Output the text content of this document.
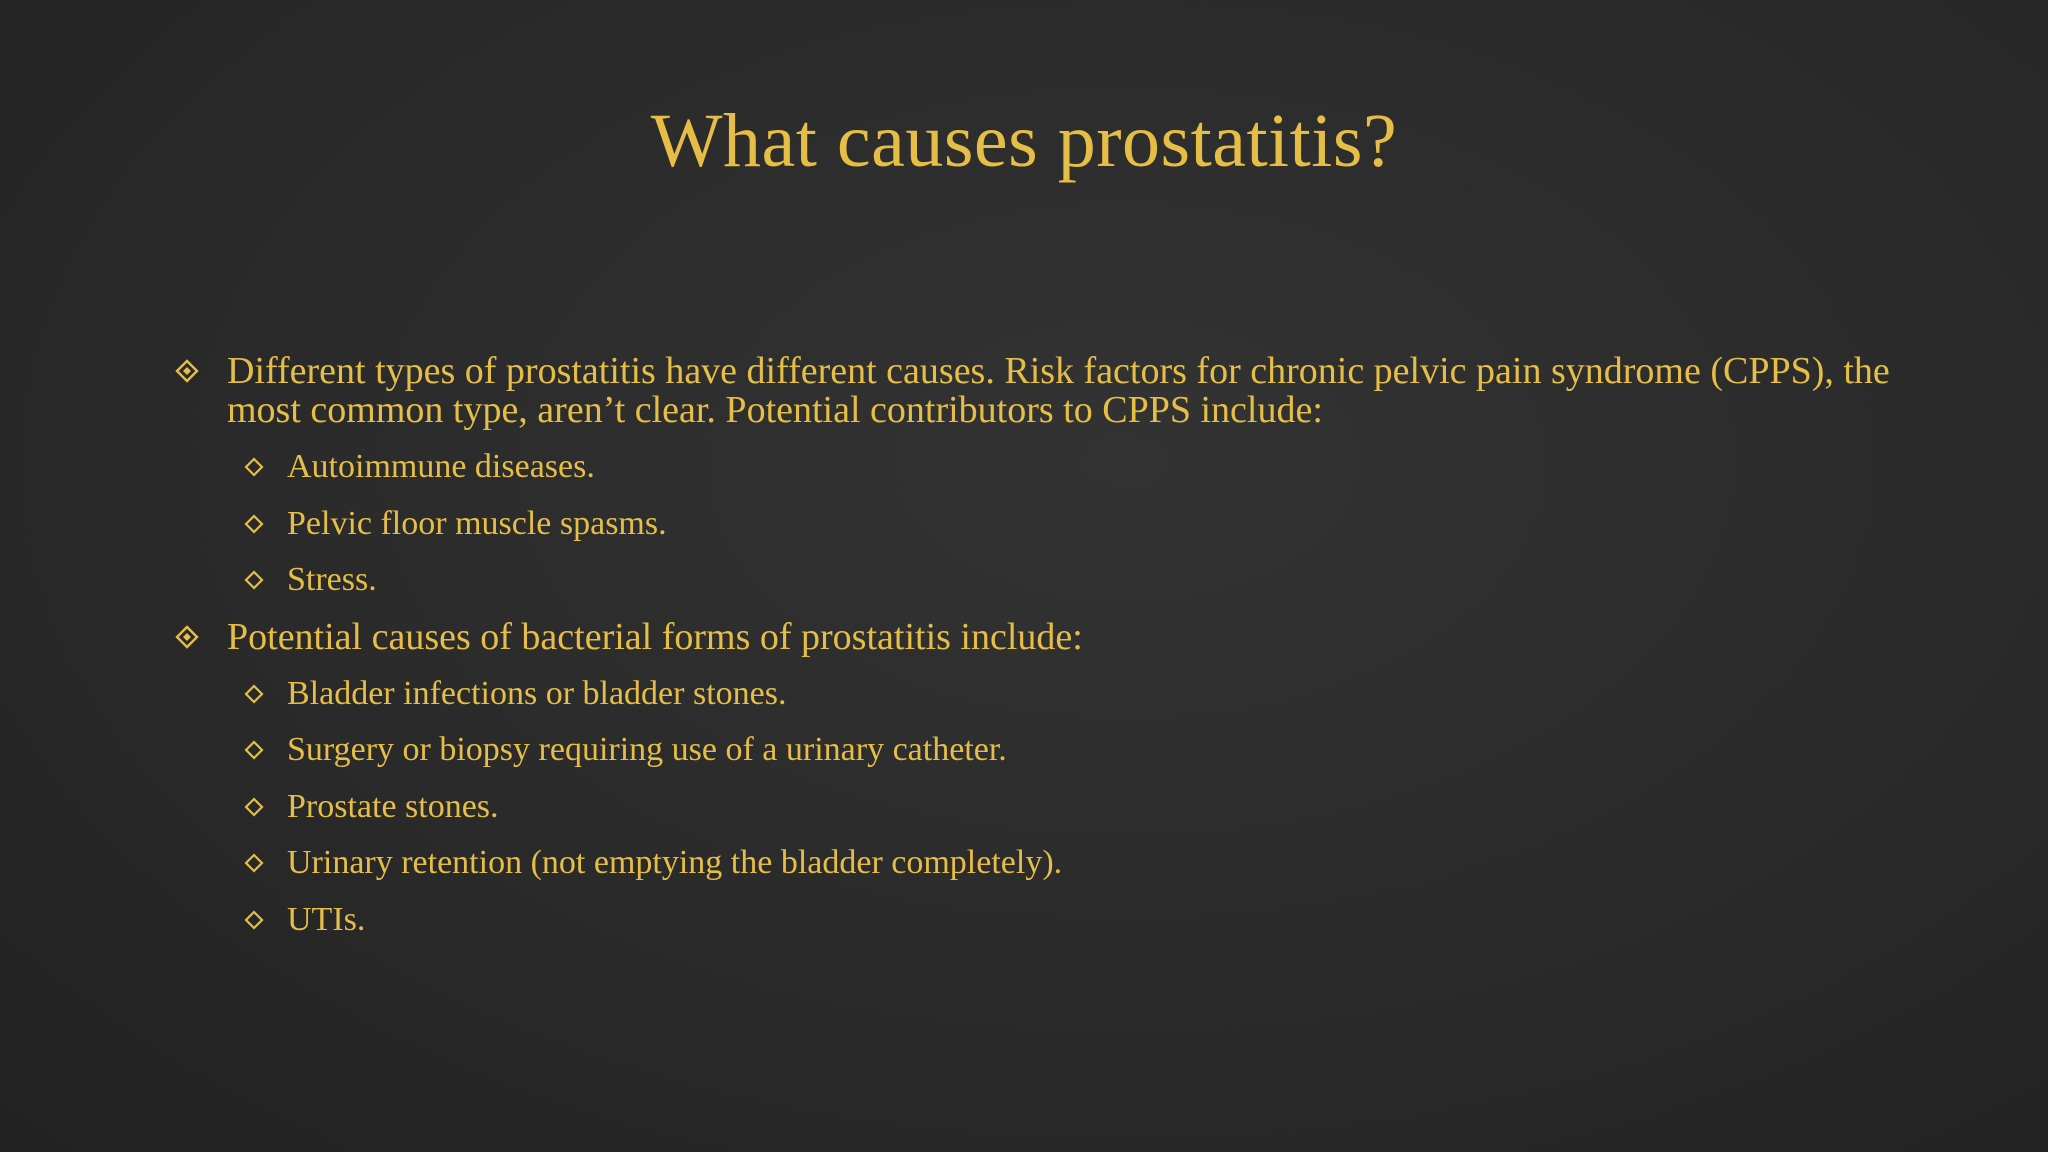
What causes prostatitis?
Different types of prostatitis have different causes. Risk factors for chronic pelvic pain syndrome (CPPS), the most common type, aren’t clear. Potential contributors to CPPS include:
Autoimmune diseases.
Pelvic floor muscle spasms.
Stress.
Potential causes of bacterial forms of prostatitis include:
Bladder infections or bladder stones.
Surgery or biopsy requiring use of a urinary catheter.
Prostate stones.
Urinary retention (not emptying the bladder completely).
UTIs.
